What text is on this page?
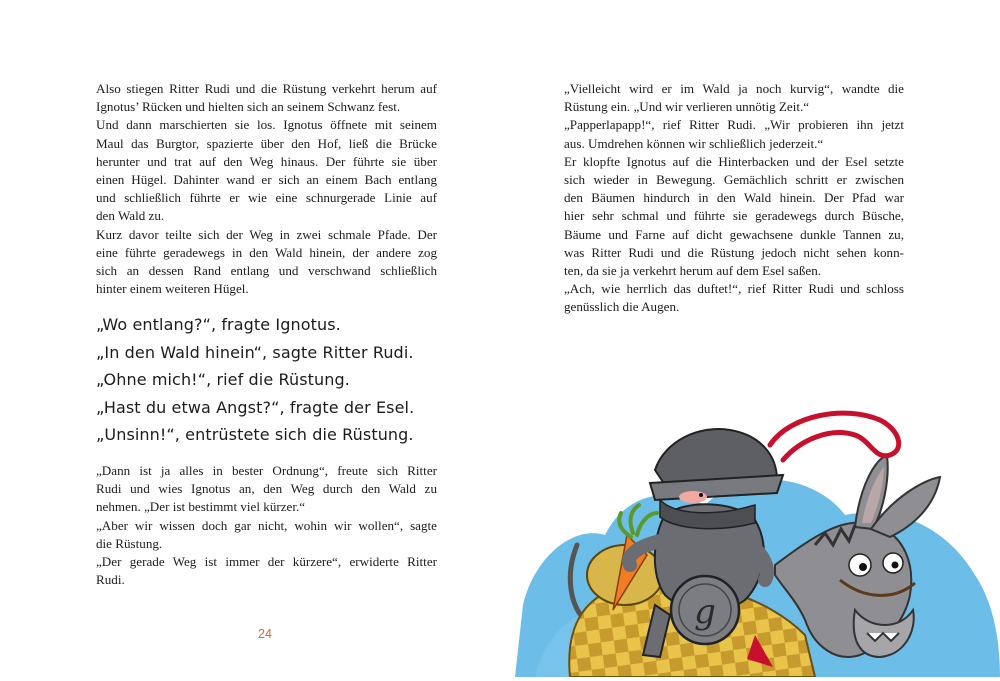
Also stiegen Ritter Rudi und die Rüstung verkehrt herum auf
Ignotus’ Rücken und hielten sich an seinem Schwanz fest.
Und dann marschierten sie los. Ignotus öffnete mit seinem
Maul das Burgtor, spazierte über den Hof, ließ die Brücke
herunter und trat auf den Weg hinaus. Der führte sie über
einen Hügel. Dahinter wand er sich an einem Bach entlang
und schließlich führte er wie eine schnurgerade Linie auf
den Wald zu.
Kurz davor teilte sich der Weg in zwei schmale Pfade. Der
eine führte geradewegs in den Wald hinein, der andere zog
sich an dessen Rand entlang und verschwand schließlich
hinter einem weiteren Hügel.
„Wo entlang?“, fragte Ignotus.
„In den Wald hinein“, sagte Ritter Rudi.
„Ohne mich!“, rief die Rüstung.
„Hast du etwa Angst?“, fragte der Esel.
„Unsinn!“, entrüstete sich die Rüstung.
„Dann ist ja alles in bester Ordnung“, freute sich Ritter
Rudi und wies Ignotus an, den Weg durch den Wald zu
nehmen. „Der ist bestimmt viel kürzer.“
„Aber wir wissen doch gar nicht, wohin wir wollen“, sagte
die Rüstung.
„Der gerade Weg ist immer der kürzere“, erwiderte Ritter
Rudi.
24
„Vielleicht wird er im Wald ja noch kurvig“, wandte die
Rüstung ein. „Und wir verlieren unnötig Zeit.“
„Papperlapapp!“, rief Ritter Rudi. „Wir probieren ihn jetzt
aus. Umdrehen können wir schließlich jederzeit.“
Er klopfte Ignotus auf die Hinterbacken und der Esel setzte
sich wieder in Bewegung. Gemächlich schritt er zwischen
den Bäumen hindurch in den Wald hinein. Der Pfad war
hier sehr schmal und führte sie geradewegs durch Büsche,
Bäume und Farne auf dicht gewachsene dunkle Tannen zu,
was Ritter Rudi und die Rüstung jedoch nicht sehen konn-
ten, da sie ja verkehrt herum auf dem Esel saßen.
„Ach, wie herrlich das duftet!“, rief Ritter Rudi und schloss
genüsslich die Augen.
g
